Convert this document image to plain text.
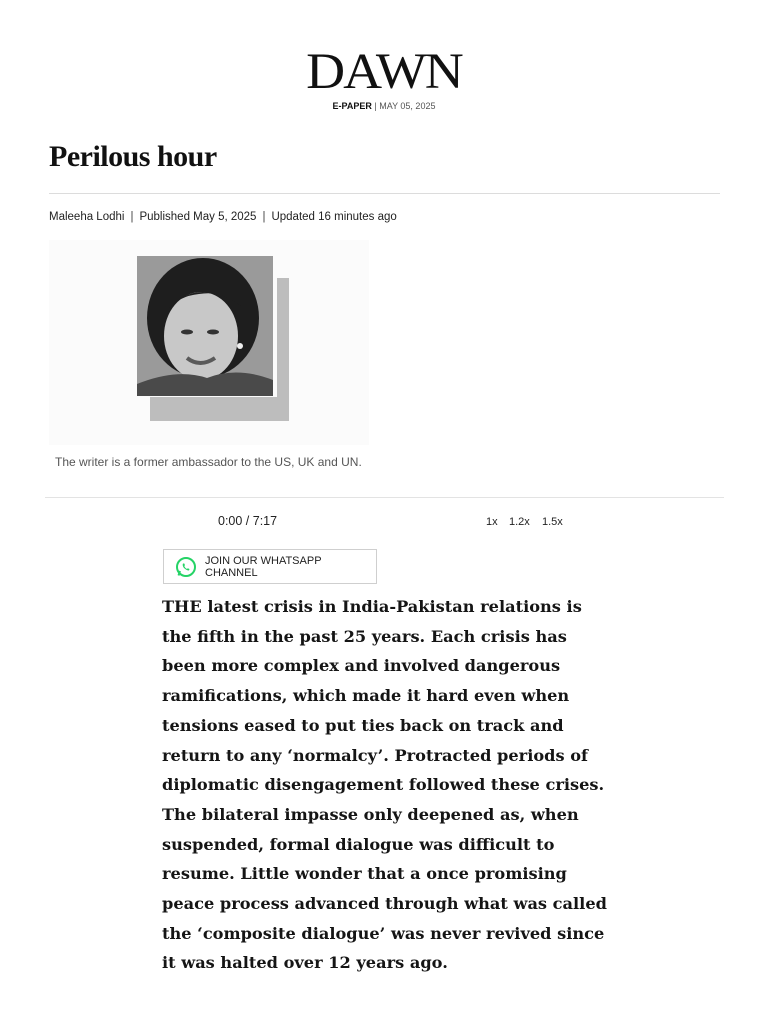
DAWN
E-PAPER | MAY 05, 2025
Perilous hour
Maleeha Lodhi | Published May 5, 2025 | Updated 16 minutes ago
The writer is a former ambassador to the US, UK and UN.
0:00 / 7:17	1x 1.2x 1.5x
JOIN OUR WHATSAPP CHANNEL

THE latest crisis in India-Pakistan relations is the fifth in the past 25 years. Each crisis has been more complex and involved dangerous ramifications, which made it hard even when tensions eased to put ties back on track and return to any ‘normalcy’. Protracted periods of diplomatic disengagement followed these crises. The bilateral impasse only deepened as, when suspended, formal dialogue was difficult to resume. Little wonder that a once promising peace process advanced through what was called the ‘composite dialogue’ was never revived since it was halted over 12 years ago.
